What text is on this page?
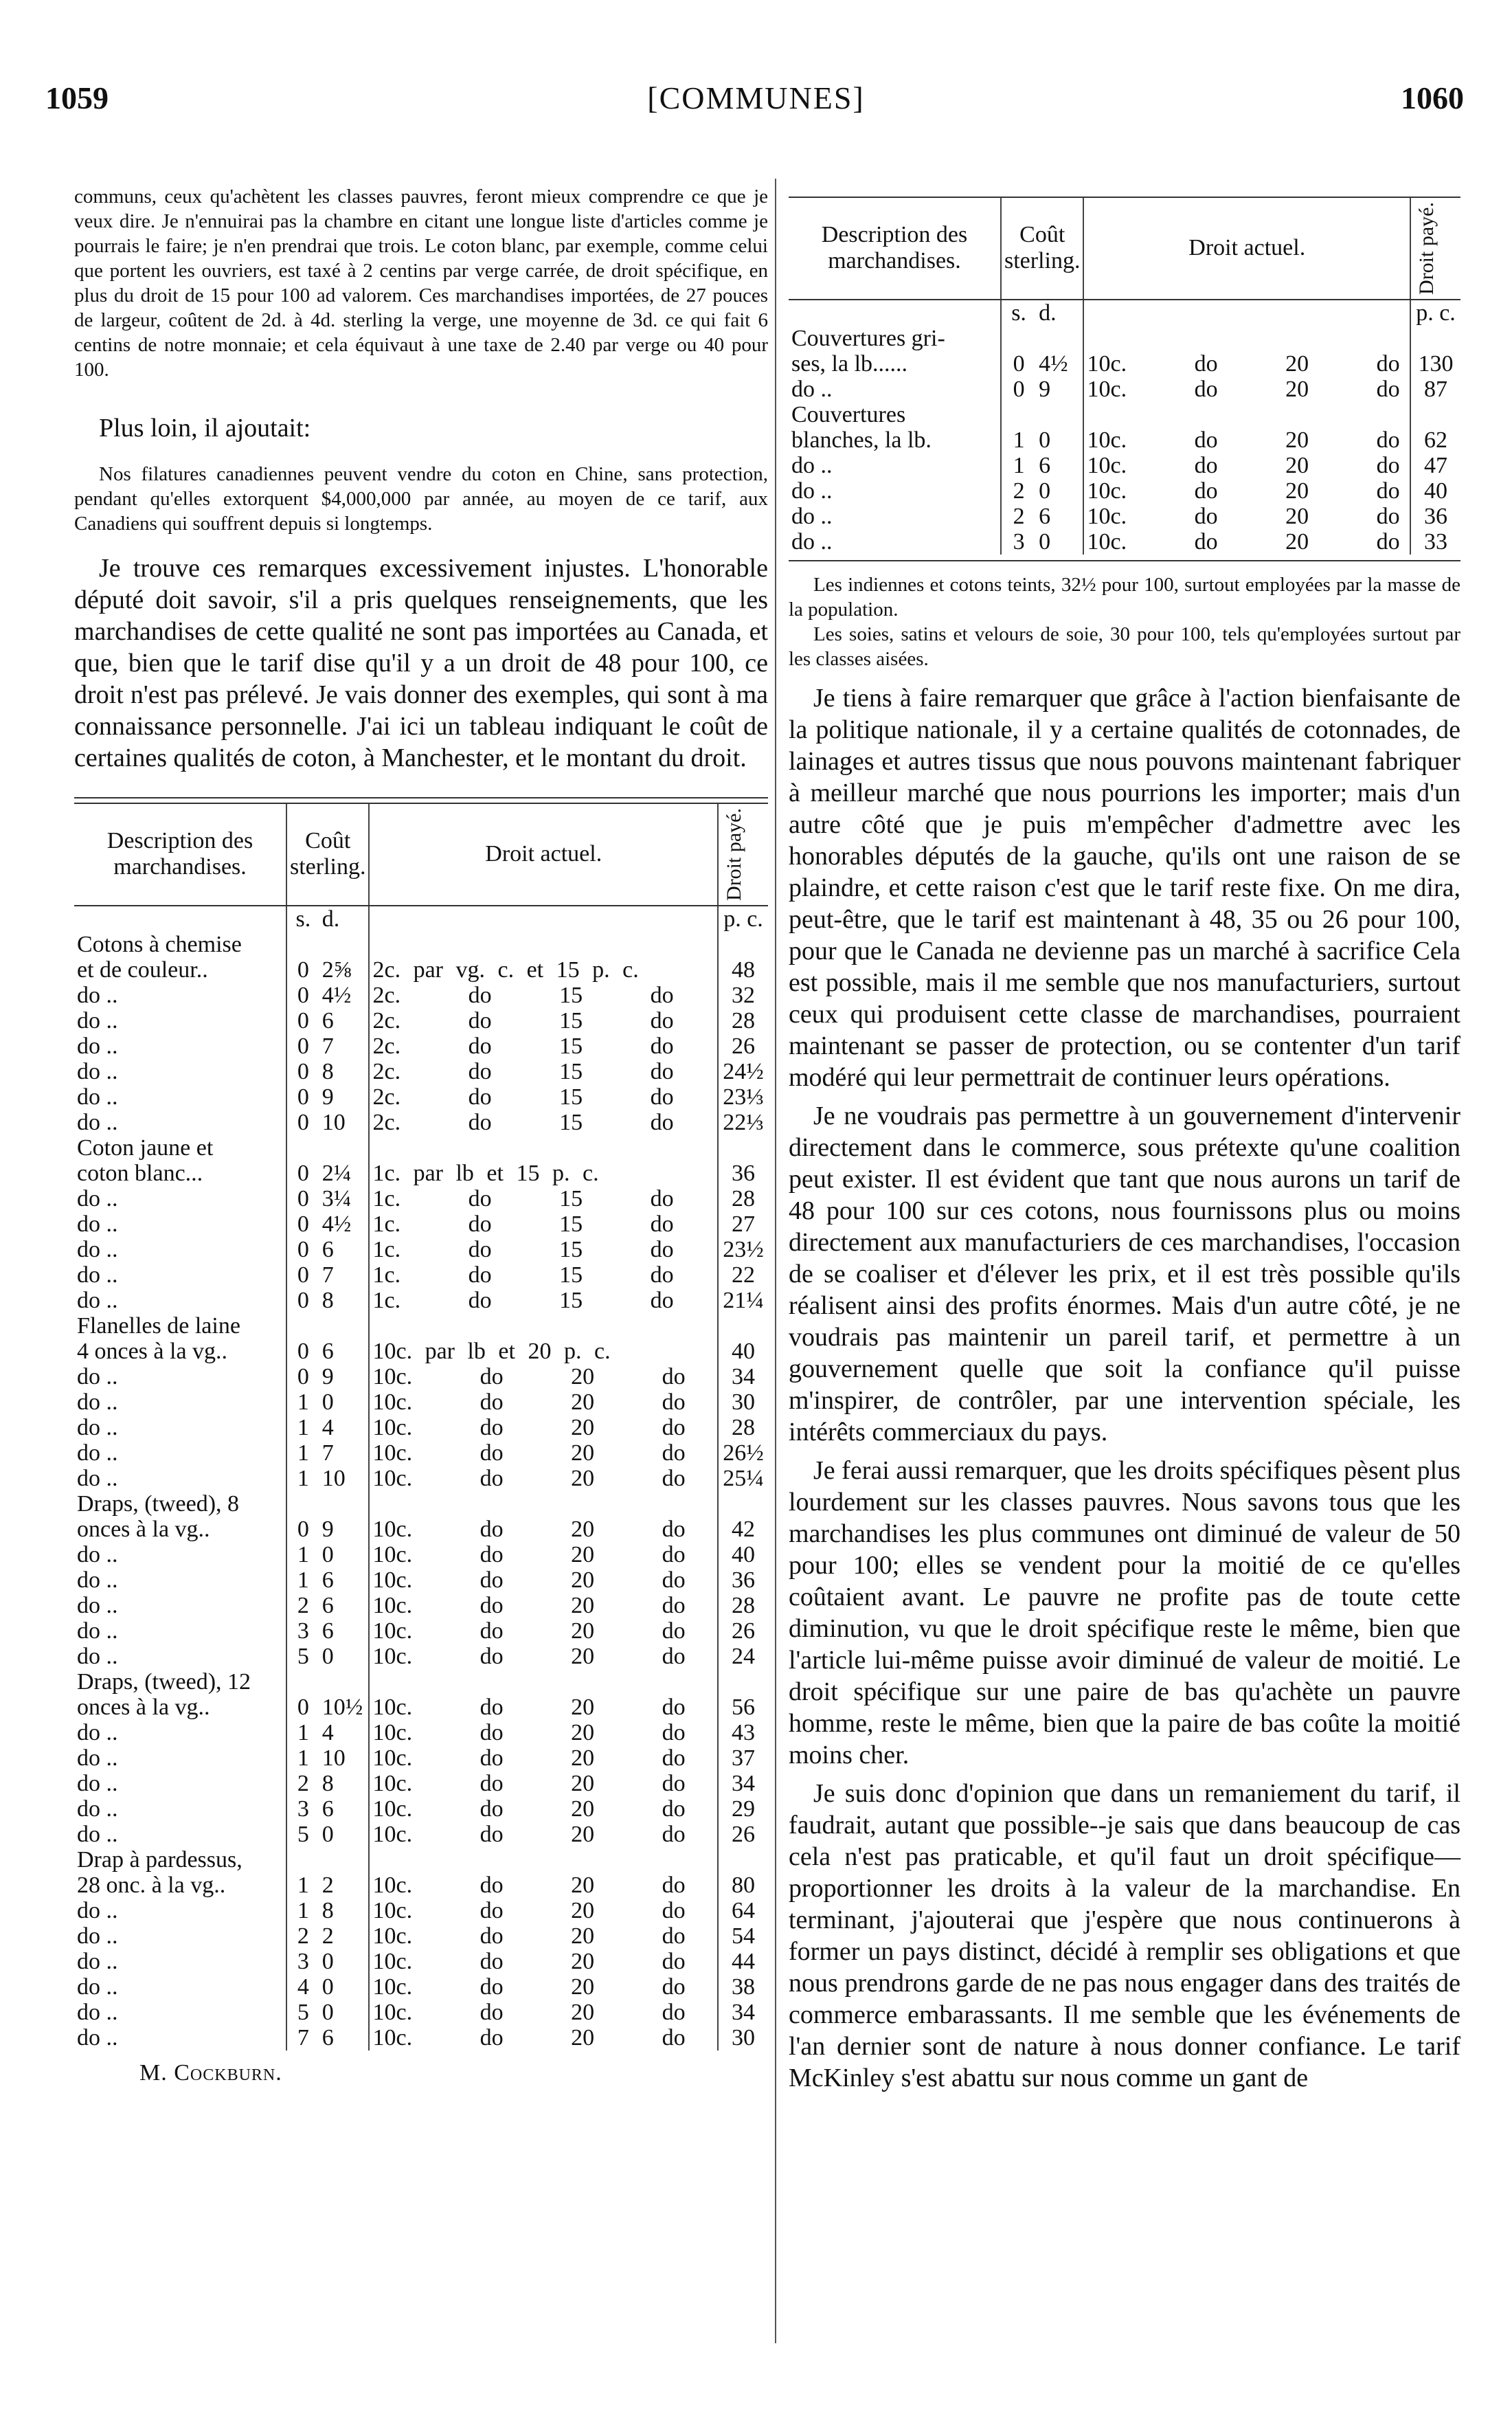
1059	[COMMUNES]	1060

communs, ceux qu'achètent les classes pauvres, feront mieux comprendre ce que je veux dire. Je n'ennuirai pas la chambre en citant une longue liste d'articles comme je pourrais le faire; je n'en prendrai que trois. Le coton blanc, par exemple, comme celui que portent les ouvriers, est taxé à 2 centins par verge carrée, de droit spécifique, en plus du droit de 15 pour 100 ad valorem. Ces marchandises importées, de 27 pouces de largeur, coûtent de 2d. à 4d. sterling la verge, une moyenne de 3d. ce qui fait 6 centins de notre monnaie; et cela équivaut à une taxe de 2.40 par verge ou 40 pour 100.

Plus loin, il ajoutait:

Nos filatures canadiennes peuvent vendre du coton en Chine, sans protection, pendant qu'elles extorquent $4,000,000 par année, au moyen de ce tarif, aux Canadiens qui souffrent depuis si longtemps.

Je trouve ces remarques excessivement injustes. L'honorable député doit savoir, s'il a pris quelques renseignements, que les marchandises de cette qualité ne sont pas importées au Canada, et que, bien que le tarif dise qu'il y a un droit de 48 pour 100, ce droit n'est pas prélevé. Je vais donner des exemples, qui sont à ma connaissance personnelle. J'ai ici un tableau indiquant le coût de certaines qualités de coton, à Manchester, et le montant du droit.

Description des marchandises.	Coût sterling.		Droit actuel.	Droit payé.

	s.	d.		p. c.
Cotons à chemise				
et de couleur..	0	2⅝	2c. par vg. c. et 15 p. c.	48
do ..	0	4½	2c. do 15 do	32
do ..	0	6	2c. do 15 do	28
do ..	0	7	2c. do 15 do	26
do ..	0	8	2c. do 15 do	24½
do ..	0	9	2c. do 15 do	23⅓
do ..	0	10	2c. do 15 do	22⅓
Coton jaune et				
coton blanc...	0	2¼	1c. par lb et 15 p. c.	36
do ..	0	3¼	1c. do 15 do	28
do ..	0	4½	1c. do 15 do	27
do ..	0	6	1c. do 15 do	23½
do ..	0	7	1c. do 15 do	22
do ..	0	8	1c. do 15 do	21¼
Flanelles de laine				
4 onces à la vg..	0	6	10c. par lb et 20 p. c.	40
do ..	0	9	10c. do 20 do	34
do ..	1	0	10c. do 20 do	30
do ..	1	4	10c. do 20 do	28
do ..	1	7	10c. do 20 do	26½
do ..	1	10	10c. do 20 do	25¼
Draps, (tweed), 8				
onces à la vg..	0	9	10c. do 20 do	42
do ..	1	0	10c. do 20 do	40
do ..	1	6	10c. do 20 do	36
do ..	2	6	10c. do 20 do	28
do ..	3	6	10c. do 20 do	26
do ..	5	0	10c. do 20 do	24
Draps, (tweed), 12				
onces à la vg..	0	10½	10c. do 20 do	56
do ..	1	4	10c. do 20 do	43
do ..	1	10	10c. do 20 do	37
do ..	2	8	10c. do 20 do	34
do ..	3	6	10c. do 20 do	29
do ..	5	0	10c. do 20 do	26
Drap à pardessus,				
28 onc. à la vg..	1	2	10c. do 20 do	80
do ..	1	8	10c. do 20 do	64
do ..	2	2	10c. do 20 do	54
do ..	3	0	10c. do 20 do	44
do ..	4	0	10c. do 20 do	38
do ..	5	0	10c. do 20 do	34
do ..	7	6	10c. do 20 do	30
M. Cockburn.
Description des marchandises.	Coût sterling.		Droit actuel.	Droit payé.

	s.	d.		p. c.
Couvertures gri-				
ses, la lb......	0	4½	10c. do 20 do	130
do ..	0	9	10c. do 20 do	87
Couvertures				
blanches, la lb.	1	0	10c. do 20 do	62
do ..	1	6	10c. do 20 do	47
do ..	2	0	10c. do 20 do	40
do ..	2	6	10c. do 20 do	36
do ..	3	0	10c. do 20 do	33

Les indiennes et cotons teints, 32½ pour 100, surtout employées par la masse de la population.

Les soies, satins et velours de soie, 30 pour 100, tels qu'employées surtout par les classes aisées.

Je tiens à faire remarquer que grâce à l'action bienfaisante de la politique nationale, il y a certaine qualités de cotonnades, de lainages et autres tissus que nous pouvons maintenant fabriquer à meilleur marché que nous pourrions les importer; mais d'un autre côté que je puis m'empêcher d'admettre avec les honorables députés de la gauche, qu'ils ont une raison de se plaindre, et cette raison c'est que le tarif reste fixe. On me dira, peut-être, que le tarif est maintenant à 48, 35 ou 26 pour 100, pour que le Canada ne devienne pas un marché à sacrifice Cela est possible, mais il me semble que nos manufacturiers, surtout ceux qui produisent cette classe de marchandises, pourraient maintenant se passer de protection, ou se contenter d'un tarif modéré qui leur permettrait de continuer leurs opérations.

Je ne voudrais pas permettre à un gouvernement d'intervenir directement dans le commerce, sous prétexte qu'une coalition peut exister. Il est évident que tant que nous aurons un tarif de 48 pour 100 sur ces cotons, nous fournissons plus ou moins directement aux manufacturiers de ces marchandises, l'occasion de se coaliser et d'élever les prix, et il est très possible qu'ils réalisent ainsi des profits énormes. Mais d'un autre côté, je ne voudrais pas maintenir un pareil tarif, et permettre à un gouvernement quelle que soit la confiance qu'il puisse m'inspirer, de contrôler, par une intervention spéciale, les intérêts commerciaux du pays.

Je ferai aussi remarquer, que les droits spécifiques pèsent plus lourdement sur les classes pauvres. Nous savons tous que les marchandises les plus communes ont diminué de valeur de 50 pour 100; elles se vendent pour la moitié de ce qu'elles coûtaient avant. Le pauvre ne profite pas de toute cette diminution, vu que le droit spécifique reste le même, bien que l'article lui-même puisse avoir diminué de valeur de moitié. Le droit spécifique sur une paire de bas qu'achète un pauvre homme, reste le même, bien que la paire de bas coûte la moitié moins cher.

Je suis donc d'opinion que dans un remaniement du tarif, il faudrait, autant que possible--je sais que dans beaucoup de cas cela n'est pas praticable, et qu'il faut un droit spécifique—proportionner les droits à la valeur de la marchandise. En terminant, j'ajouterai que j'espère que nous continuerons à former un pays distinct, décidé à remplir ses obligations et que nous prendrons garde de ne pas nous engager dans des traités de commerce embarassants. Il me semble que les événements de l'an dernier sont de nature à nous donner confiance. Le tarif McKinley s'est abattu sur nous comme un gant de
